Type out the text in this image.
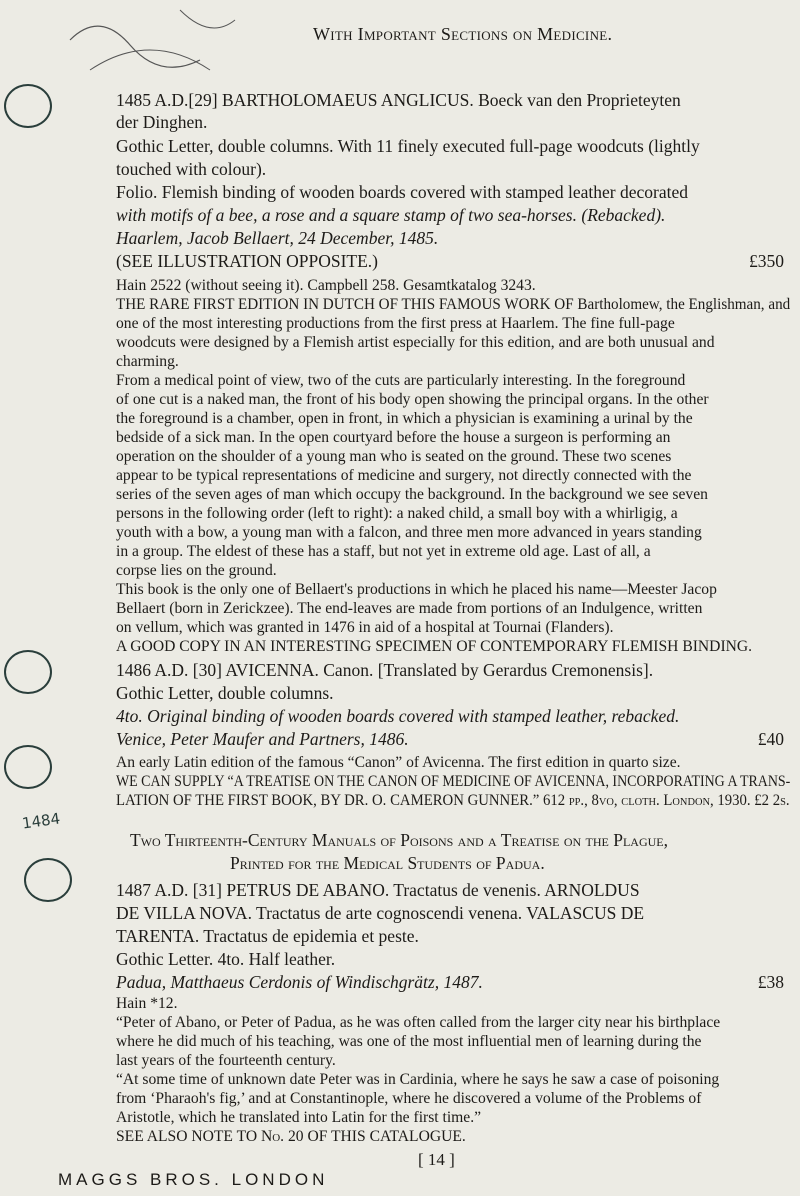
With Important Sections on Medicine.
1484
1485 A.D.[29] BARTHOLOMAEUS ANGLICUS. Boeck van den Proprieteyten
der Dinghen.
Gothic Letter, double columns. With 11 finely executed full-page woodcuts (lightly
touched with colour).
Folio. Flemish binding of wooden boards covered with stamped leather decorated
with motifs of a bee, a rose and a square stamp of two sea-horses. (Rebacked).
Haarlem, Jacob Bellaert, 24 December, 1485.
(SEE ILLUSTRATION OPPOSITE.)	£350
Hain 2522 (without seeing it). Campbell 258. Gesamtkatalog 3243.
THE RARE FIRST EDITION IN DUTCH OF THIS FAMOUS WORK OF Bartholomew, the Englishman, and
one of the most interesting productions from the first press at Haarlem. The fine full-page
woodcuts were designed by a Flemish artist especially for this edition, and are both unusual and
charming.
From a medical point of view, two of the cuts are particularly interesting. In the foreground
of one cut is a naked man, the front of his body open showing the principal organs. In the other
the foreground is a chamber, open in front, in which a physician is examining a urinal by the
bedside of a sick man. In the open courtyard before the house a surgeon is performing an
operation on the shoulder of a young man who is seated on the ground. These two scenes
appear to be typical representations of medicine and surgery, not directly connected with the
series of the seven ages of man which occupy the background. In the background we see seven
persons in the following order (left to right): a naked child, a small boy with a whirligig, a
youth with a bow, a young man with a falcon, and three men more advanced in years standing
in a group. The eldest of these has a staff, but not yet in extreme old age. Last of all, a
corpse lies on the ground.
This book is the only one of Bellaert's productions in which he placed his name—Meester Jacop
Bellaert (born in Zerickzee). The end-leaves are made from portions of an Indulgence, written
on vellum, which was granted in 1476 in aid of a hospital at Tournai (Flanders).
A GOOD COPY IN AN INTERESTING SPECIMEN OF CONTEMPORARY FLEMISH BINDING.
1486 A.D. [30] AVICENNA. Canon. [Translated by Gerardus Cremonensis].
Gothic Letter, double columns.
4to. Original binding of wooden boards covered with stamped leather, rebacked.
Venice, Peter Maufer and Partners, 1486.	£40
An early Latin edition of the famous “Canon” of Avicenna. The first edition in quarto size.
WE CAN SUPPLY “A TREATISE ON THE CANON OF MEDICINE OF AVICENNA, INCORPORATING A TRANS-
LATION OF THE FIRST BOOK, BY DR. O. CAMERON GUNNER.” 612 pp., 8vo, cloth. London, 1930. £2 2s.
Two Thirteenth-Century Manuals of Poisons and a Treatise on the Plague,
Printed for the Medical Students of Padua.
1487 A.D. [31] PETRUS DE ABANO. Tractatus de venenis. ARNOLDUS
DE VILLA NOVA. Tractatus de arte cognoscendi venena. VALASCUS DE
TARENTA. Tractatus de epidemia et peste.
Gothic Letter. 4to. Half leather.
Padua, Matthaeus Cerdonis of Windischgrätz, 1487.	£38
Hain *12.
“Peter of Abano, or Peter of Padua, as he was often called from the larger city near his birthplace
where he did much of his teaching, was one of the most influential men of learning during the
last years of the fourteenth century.
“At some time of unknown date Peter was in Cardinia, where he says he saw a case of poisoning
from ‘Pharaoh's fig,’ and at Constantinople, where he discovered a volume of the Problems of
Aristotle, which he translated into Latin for the first time.”
SEE ALSO NOTE TO No. 20 OF THIS CATALOGUE.
[ 14 ]
MAGGS BROS. LONDON
